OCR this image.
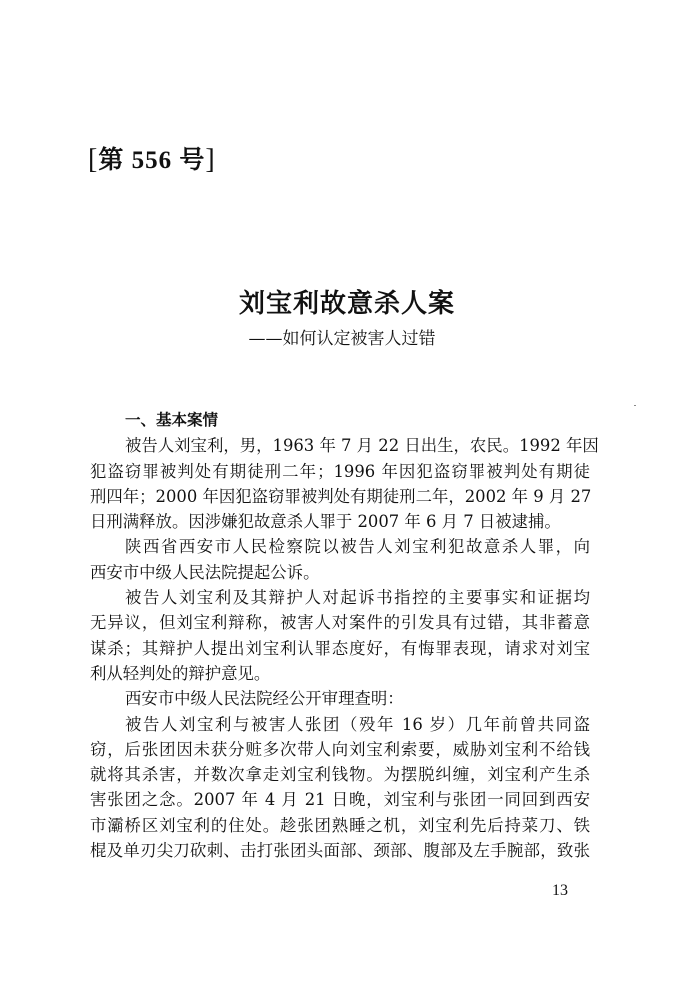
[第 556 号]
刘宝利故意杀人案
——如何认定被害人过错
一、基本案情
被告人刘宝利，男，1963 年 7 月 22 日出生，农民。1992 年因
犯盗窃罪被判处有期徒刑二年；1996 年因犯盗窃罪被判处有期徒
刑四年；2000 年因犯盗窃罪被判处有期徒刑二年，2002 年 9 月 27
日刑满释放。因涉嫌犯故意杀人罪于 2007 年 6 月 7 日被逮捕。
陕西省西安市人民检察院以被告人刘宝利犯故意杀人罪，向
西安市中级人民法院提起公诉。
被告人刘宝利及其辩护人对起诉书指控的主要事实和证据均
无异议，但刘宝利辩称，被害人对案件的引发具有过错，其非蓄意
谋杀；其辩护人提出刘宝利认罪态度好，有悔罪表现，请求对刘宝
利从轻判处的辩护意见。
西安市中级人民法院经公开审理查明：
被告人刘宝利与被害人张团（殁年 16 岁）几年前曾共同盗
窃，后张团因未获分赃多次带人向刘宝利索要，威胁刘宝利不给钱
就将其杀害，并数次拿走刘宝利钱物。为摆脱纠缠，刘宝利产生杀
害张团之念。2007 年 4 月 21 日晚，刘宝利与张团一同回到西安
市灞桥区刘宝利的住处。趁张团熟睡之机，刘宝利先后持菜刀、铁
棍及单刃尖刀砍刺、击打张团头面部、颈部、腹部及左手腕部，致张
13
